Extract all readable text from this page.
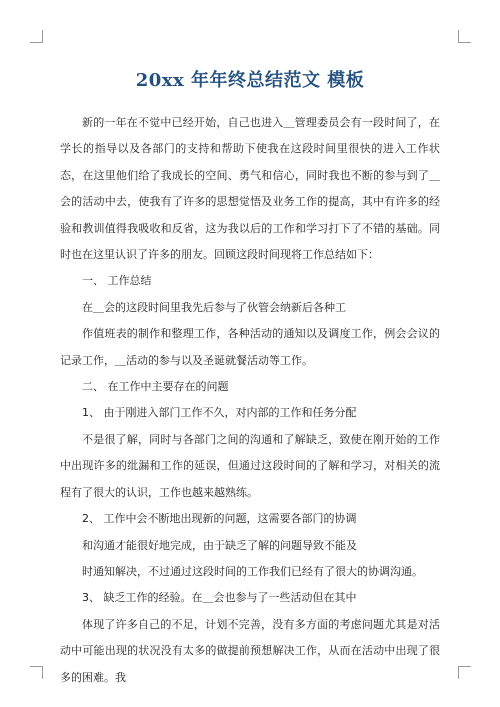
20xx 年年终总结范文 模板

新的一年在不觉中已经开始，自己也进入＿管理委员会有一段时间了，在学长的指导以及各部门的支持和帮助下使我在这段时间里很快的进入工作状态，在这里他们给了我成长的空间、勇气和信心，同时我也不断的参与到了＿会的活动中去，使我有了许多的思想觉悟及业务工作的提高，其中有许多的经验和教训值得我吸收和反省，这为我以后的工作和学习打下了不错的基础。同时也在这里认识了许多的朋友。回顾这段时间现将工作总结如下：

一、 工作总结

在＿会的这段时间里我先后参与了伙管会纳新后各种工

作值班表的制作和整理工作，各种活动的通知以及调度工作，例会会议的记录工作，＿活动的参与以及圣诞就餐活动等工作。

二、 在工作中主要存在的问题

1、 由于刚进入部门工作不久，对内部的工作和任务分配

不是很了解，同时与各部门之间的沟通和了解缺乏，致使在刚开始的工作中出现许多的纰漏和工作的延误，但通过这段时间的了解和学习，对相关的流程有了很大的认识，工作也越来越熟练。

2、 工作中会不断地出现新的问题，这需要各部门的协调

和沟通才能很好地完成，由于缺乏了解的问题导致不能及

时通知解决，不过通过这段时间的工作我们已经有了很大的协调沟通。

3、 缺乏工作的经验。在＿会也参与了一些活动但在其中

体现了许多自己的不足，计划不完善，没有多方面的考虑问题尤其是对活动中可能出现的状况没有太多的做提前预想解决工作，从而在活动中出现了很多的困难。我
